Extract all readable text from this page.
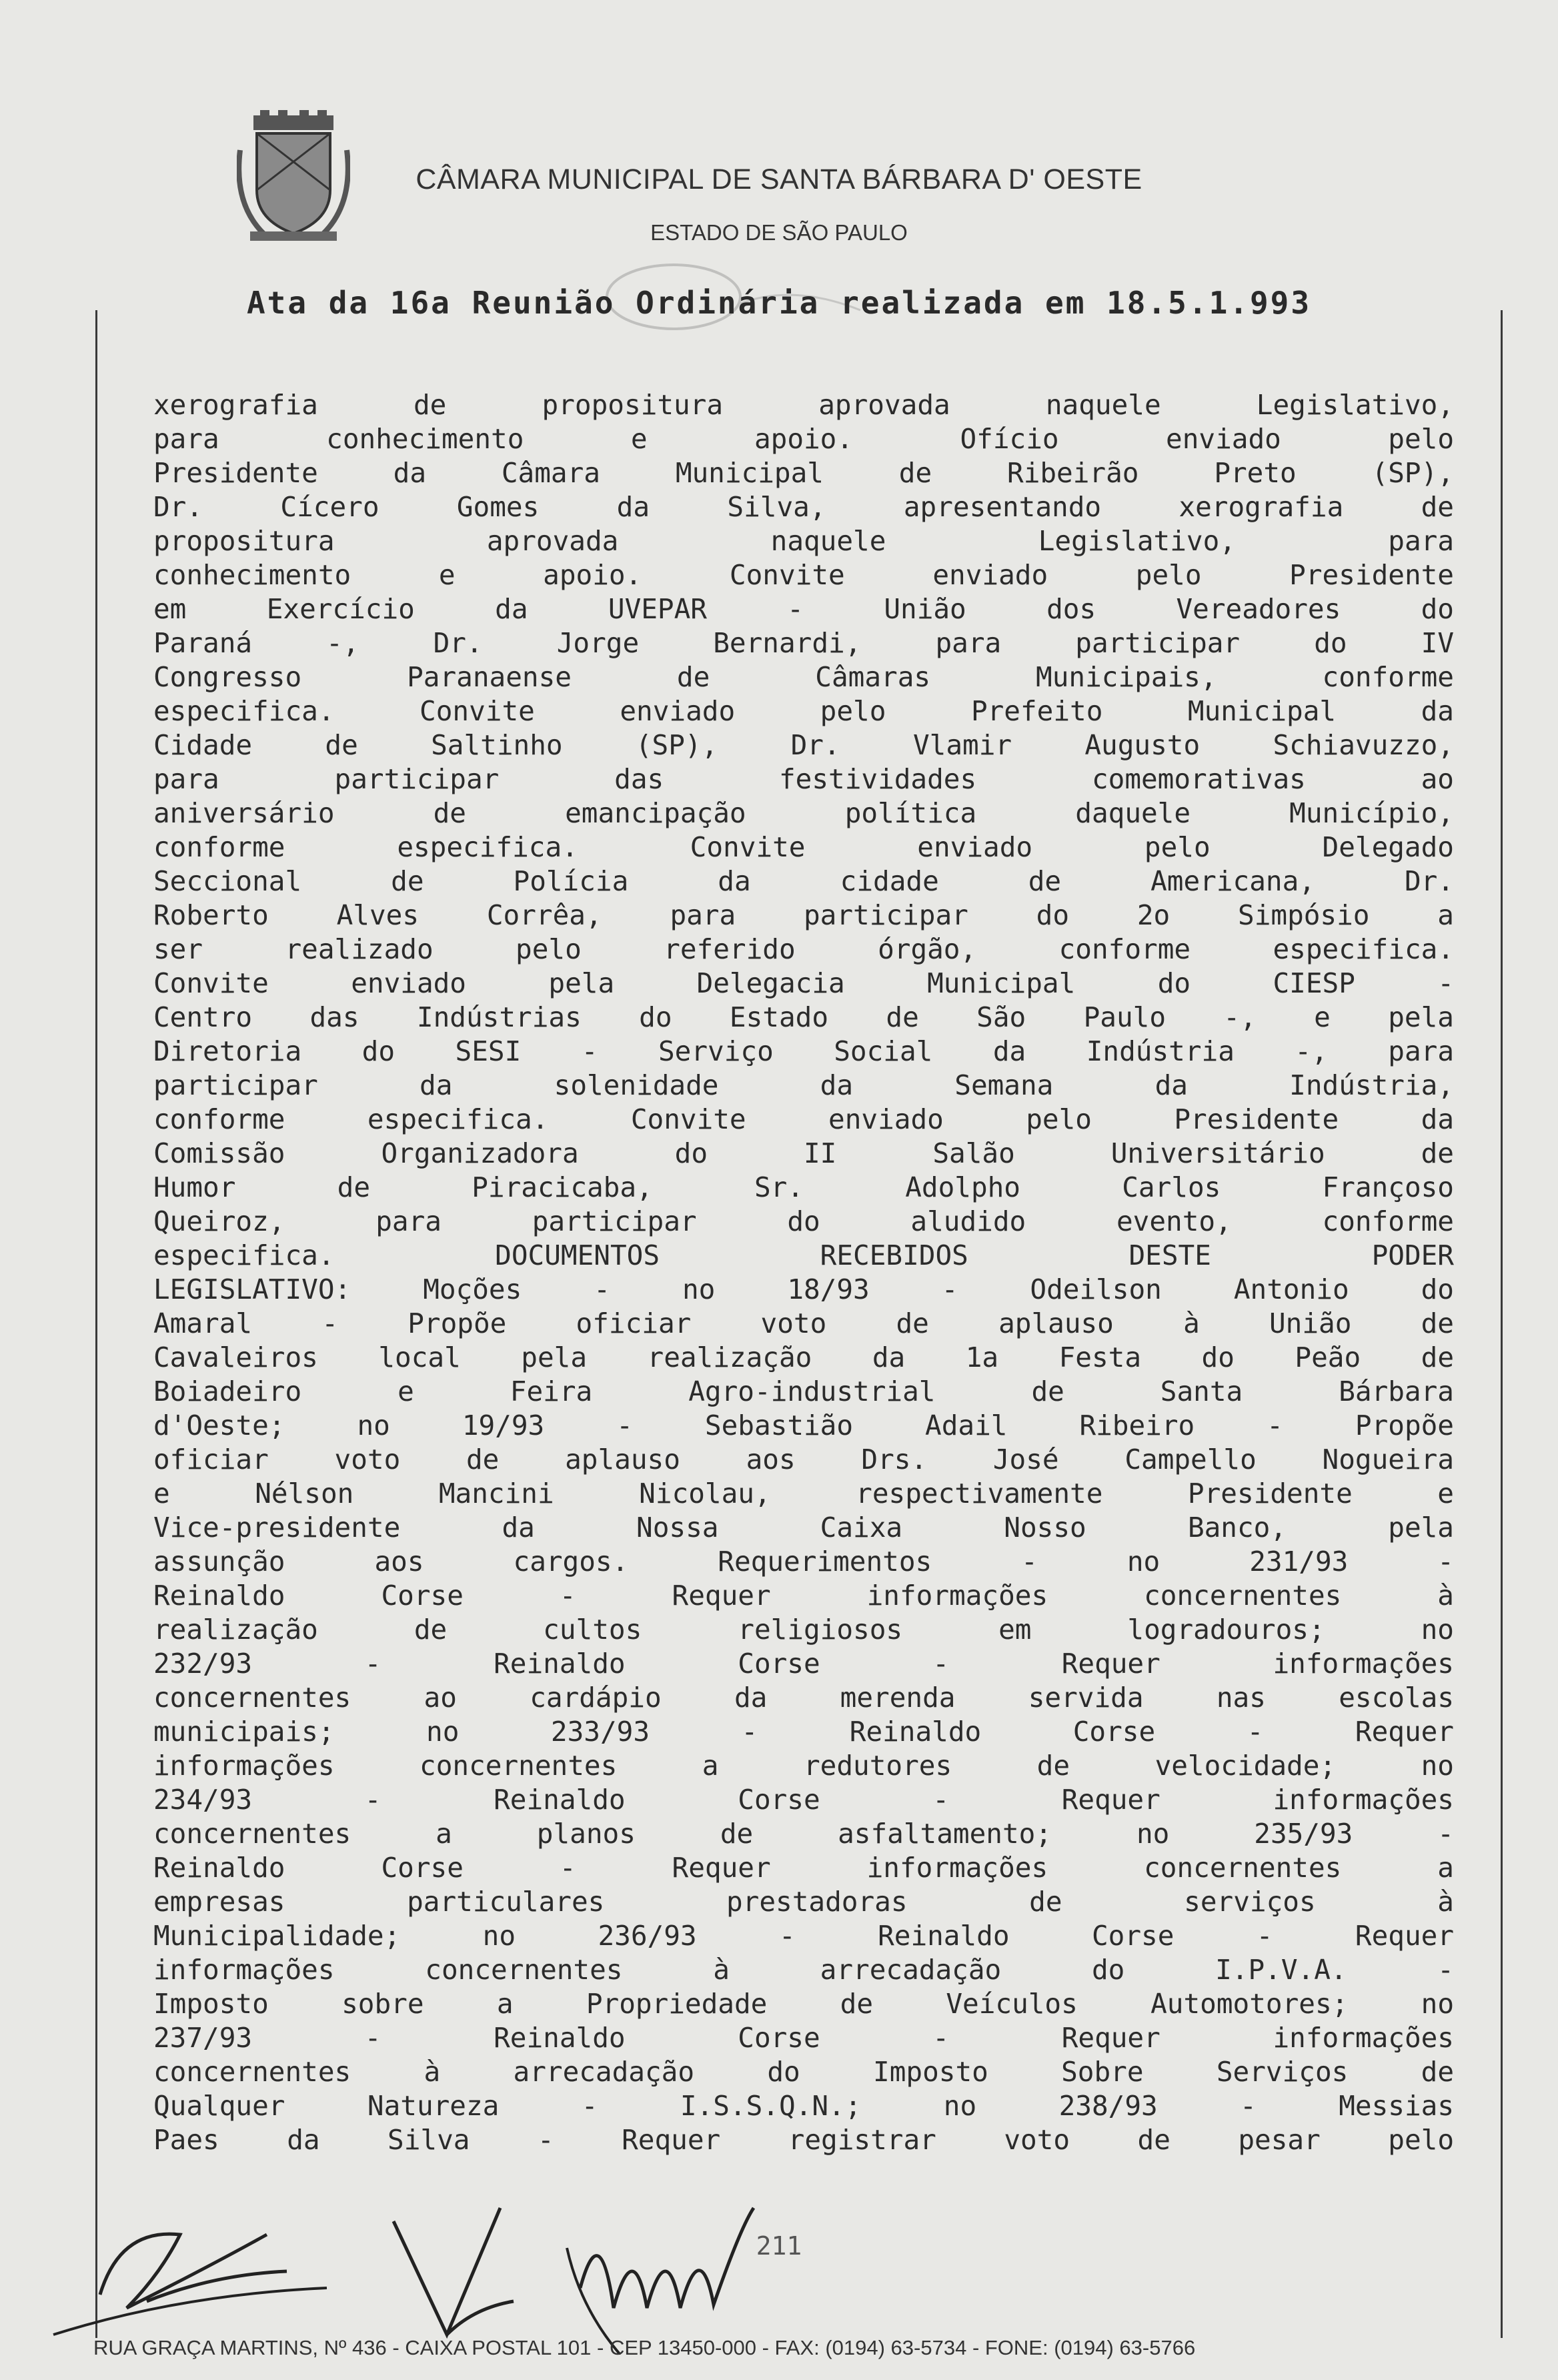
CÂMARA MUNICIPAL DE SANTA BÁRBARA D' OESTE
ESTADO DE SÃO PAULO
Ata da 16a Reunião Ordinária realizada em 18.5.1.993
xerografia de propositura aprovada naquele Legislativo,
para conhecimento e apoio. Ofício enviado pelo
Presidente da Câmara Municipal de Ribeirão Preto (SP),
Dr. Cícero Gomes da Silva, apresentando xerografia de
propositura aprovada naquele Legislativo, para
conhecimento e apoio. Convite enviado pelo Presidente
em Exercício da UVEPAR - União dos Vereadores do
Paraná -, Dr. Jorge Bernardi, para participar do IV
Congresso Paranaense de Câmaras Municipais, conforme
especifica. Convite enviado pelo Prefeito Municipal da
Cidade de Saltinho (SP), Dr. Vlamir Augusto Schiavuzzo,
para participar das festividades comemorativas ao
aniversário de emancipação política daquele Município,
conforme especifica. Convite enviado pelo Delegado
Seccional de Polícia da cidade de Americana, Dr.
Roberto Alves Corrêa, para participar do 2o Simpósio a
ser realizado pelo referido órgão, conforme especifica.
Convite enviado pela Delegacia Municipal do CIESP -
Centro das Indústrias do Estado de São Paulo -, e pela
Diretoria do SESI - Serviço Social da Indústria -, para
participar da solenidade da Semana da Indústria,
conforme especifica. Convite enviado pelo Presidente da
Comissão Organizadora do II Salão Universitário de
Humor de Piracicaba, Sr. Adolpho Carlos Françoso
Queiroz, para participar do aludido evento, conforme
especifica. DOCUMENTOS RECEBIDOS DESTE PODER
LEGISLATIVO: Moções - no 18/93 - Odeilson Antonio do
Amaral - Propõe oficiar voto de aplauso à União de
Cavaleiros local pela realização da 1a Festa do Peão de
Boiadeiro e Feira Agro-industrial de Santa Bárbara
d'Oeste; no 19/93 - Sebastião Adail Ribeiro - Propõe
oficiar voto de aplauso aos Drs. José Campello Nogueira
e Nélson Mancini Nicolau, respectivamente Presidente e
Vice-presidente da Nossa Caixa Nosso Banco, pela
assunção aos cargos. Requerimentos - no 231/93 -
Reinaldo Corse - Requer informações concernentes à
realização de cultos religiosos em logradouros; no
232/93 - Reinaldo Corse - Requer informações
concernentes ao cardápio da merenda servida nas escolas
municipais; no 233/93 - Reinaldo Corse - Requer
informações concernentes a redutores de velocidade; no
234/93 - Reinaldo Corse - Requer informações
concernentes a planos de asfaltamento; no 235/93 -
Reinaldo Corse - Requer informações concernentes a
empresas particulares prestadoras de serviços à
Municipalidade; no 236/93 - Reinaldo Corse - Requer
informações concernentes à arrecadação do I.P.V.A. -
Imposto sobre a Propriedade de Veículos Automotores; no
237/93 - Reinaldo Corse - Requer informações
concernentes à arrecadação do Imposto Sobre Serviços de
Qualquer Natureza - I.S.S.Q.N.; no 238/93 - Messias
Paes da Silva - Requer registrar voto de pesar pelo
211
RUA GRAÇA MARTINS, Nº 436 - CAIXA POSTAL 101 - CEP 13450-000 - FAX: (0194) 63-5734 - FONE: (0194) 63-5766
